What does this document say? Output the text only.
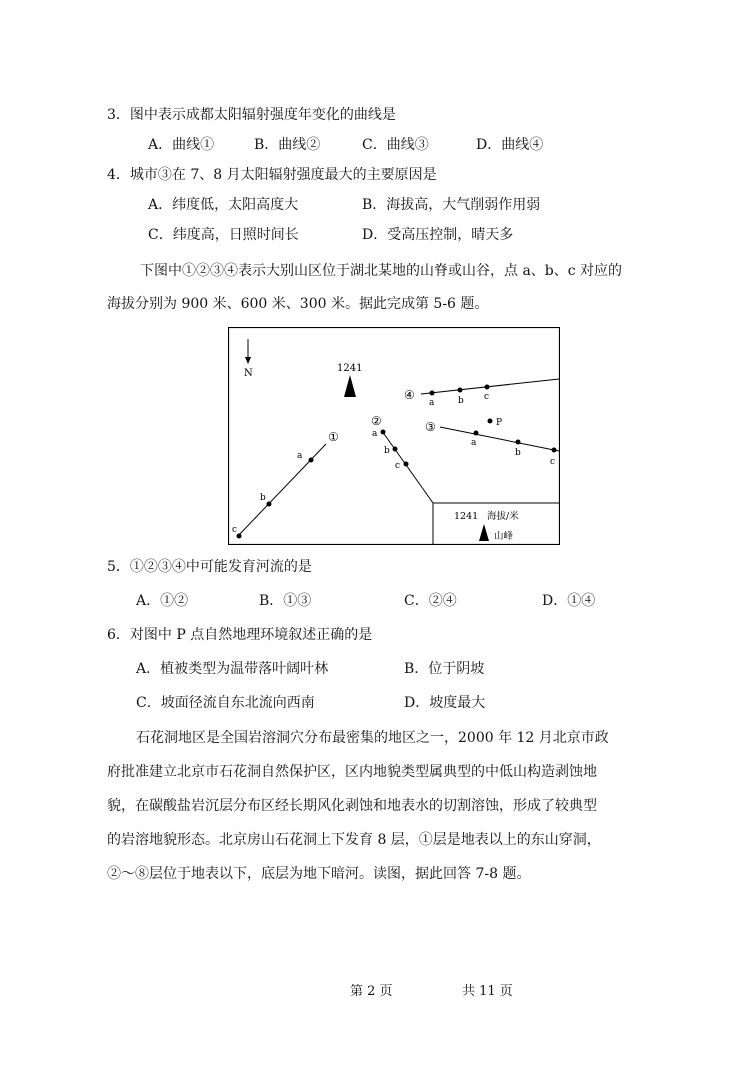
3．图中表示成都太阳辐射强度年变化的曲线是
A．曲线①	B．曲线②	C．曲线③	D．曲线④
4．城市③在 7、8 月太阳辐射强度最大的主要原因是
A．纬度低，太阳高度大	B．海拔高，大气削弱作用弱
C．纬度高，日照时间长	D．受高压控制，晴天多
下图中①②③④表示大别山区位于湖北某地的山脊或山谷，点 a、b、c 对应的
海拔分别为 900 米、600 米、300 米。据此完成第 5-6 题。
N	1241
c
b
a
①	a
b
c
②
a
b
c
③	P
a	b c
④
1241 海拔/米
山峰
5．①②③④中可能发育河流的是
A．①②	B．①③	C．②④	D．①④
6．对图中 P 点自然地理环境叙述正确的是
A．植被类型为温带落叶阔叶林	B．位于阴坡
C．坡面径流自东北流向西南	D．坡度最大
石花洞地区是全国岩溶洞穴分布最密集的地区之一，2000 年 12 月北京市政
府批准建立北京市石花洞自然保护区，区内地貌类型属典型的中低山构造剥蚀地
貌，在碳酸盐岩沉层分布区经长期风化剥蚀和地表水的切割溶蚀，形成了较典型
的岩溶地貌形态。北京房山石花洞上下发育 8 层，①层是地表以上的东山穿洞，
②～⑧层位于地表以下，底层为地下暗河。读图，据此回答 7-8 题。
第 2 页	共 11 页
